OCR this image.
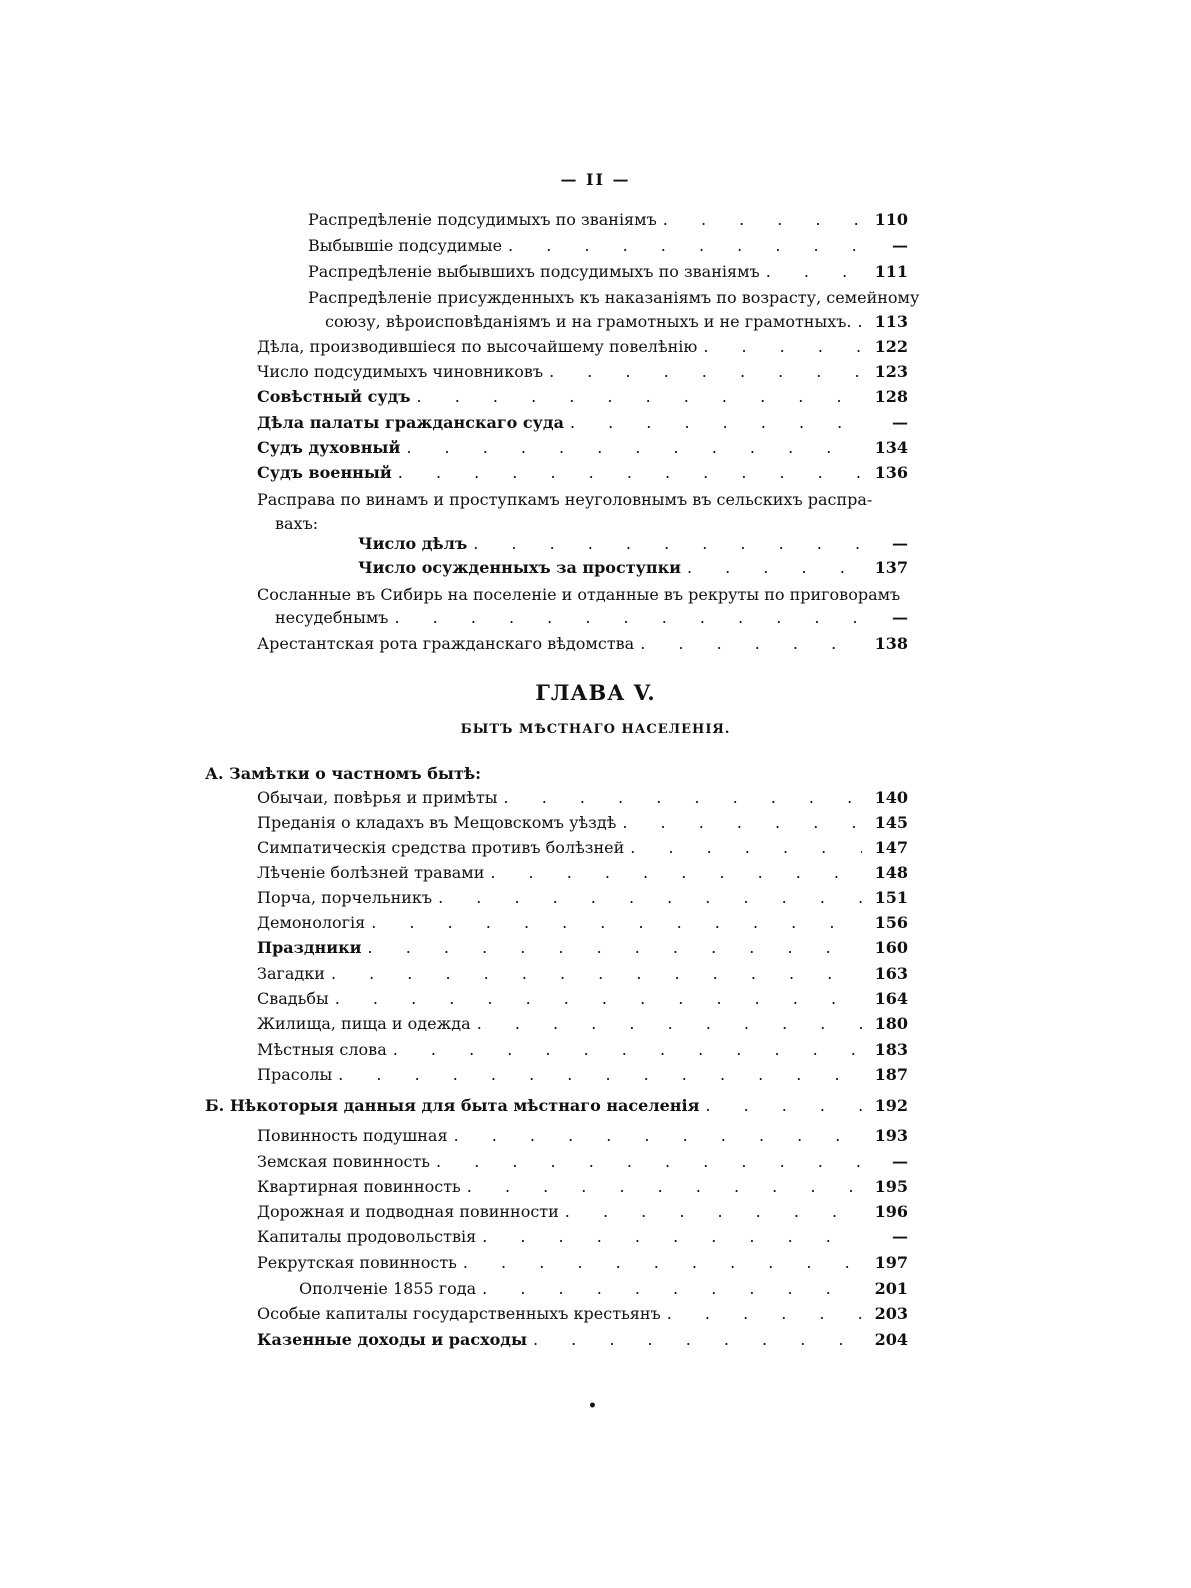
— II —
Распредѣленіе подсудимыхъ по званіямъ . . .	110
Выбывшіе подсудимые . . .	—
Распредѣленіе выбывшихъ подсудимыхъ по званіямъ . . .	111
Распредѣленіе присужденныхъ къ наказаніямъ по возрасту, семейному
союзу, вѣроисповѣданіямъ и на грамотныхъ и не грамотныхъ. . . .	113
Дѣла, производившіеся по высочайшему повелѣнію . . .	122
Число подсудимыхъ чиновниковъ . . .	123
Совѣстный судъ . . .	128
Дѣла палаты гражданскаго суда . . .	—
Судъ духовный . . .	134
Судъ военный . . .	136
Расправа по винамъ и проступкамъ неуголовнымъ въ сельскихъ распра-
вахъ:
Число дѣлъ . . .	—
Число осужденныхъ за проступки . . .	137
Сосланные въ Сибирь на поселеніе и отданные въ рекруты по приговорамъ
несудебнымъ . . .	—
Арестантская рота гражданскаго вѣдомства . . .	138
ГЛАВА V.
БЫТЪ МѢСТНАГО НАСЕЛЕНІЯ.
А. Замѣтки о частномъ бытѣ:
Обычаи, повѣрья и примѣты . . .	140
Преданія о кладахъ въ Мещовскомъ уѣздѣ . . .	145
Симпатическія средства противъ болѣзней . . .	147
Лѣченіе болѣзней травами . . .	148
Порча, порчельникъ . . .	151
Демонологія . . .	156
Праздники . . .	160
Загадки . . .	163
Свадьбы . . .	164
Жилища, пища и одежда . . .	180
Мѣстныя слова . . .	183
Прасолы . . .	187
Б. Нѣкоторыя данныя для быта мѣстнаго населенія . . .	192
Повинность подушная . . .	193
Земская повинность . . .	—
Квартирная повинность . . .	195
Дорожная и подводная повинности . . .	196
Капиталы продовольствія . . .	—
Рекрутская повинность . . .	197
Ополченіе 1855 года . . .	201
Особые капиталы государственныхъ крестьянъ . . .	203
Казенные доходы и расходы . . .	204
•
